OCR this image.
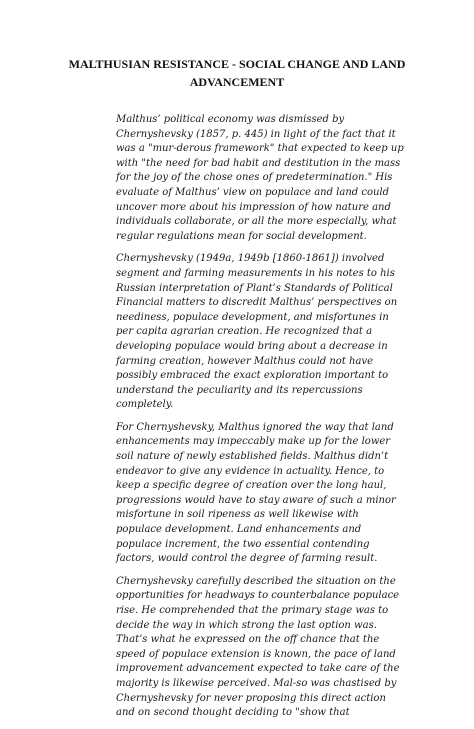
MALTHUSIAN RESISTANCE - SOCIAL CHANGE AND LAND ADVANCEMENT

Malthus’ political economy was dismissed by Chernyshevsky (1857, p. 445) in light of the fact that it was a "mur-derous framework" that expected to keep up with "the need for bad habit and destitution in the mass for the joy of the chose ones of predetermination." His evaluate of Malthus’ view on populace and land could uncover more about his impression of how nature and individuals collaborate, or all the more especially, what regular regulations mean for social development.

Chernyshevsky (1949a, 1949b [1860-1861]) involved segment and farming measurements in his notes to his Russian interpretation of Plant’s Standards of Political Financial matters to discredit Malthus’ perspectives on neediness, populace development, and misfortunes in per capita agrarian creation. He recognized that a developing populace would bring about a decrease in farming creation, however Malthus could not have possibly embraced the exact exploration important to understand the peculiarity and its repercussions completely.

For Chernyshevsky, Malthus ignored the way that land enhancements may impeccably make up for the lower soil nature of newly established fields. Malthus didn’t endeavor to give any evidence in actuality. Hence, to keep a specific degree of creation over the long haul, progressions would have to stay aware of such a minor misfortune in soil ripeness as well likewise with populace development. Land enhancements and populace increment, the two essential contending factors, would control the degree of farming result.

Chernyshevsky carefully described the situation on the opportunities for headways to counterbalance populace rise. He comprehended that the primary stage was to decide the way in which strong the last option was. That’s what he expressed on the off chance that the speed of populace extension is known, the pace of land improvement advancement expected to take care of the majority is likewise perceived. Mal-so was chastised by Chernyshevsky for never proposing this direct action and on second thought deciding to "show that
